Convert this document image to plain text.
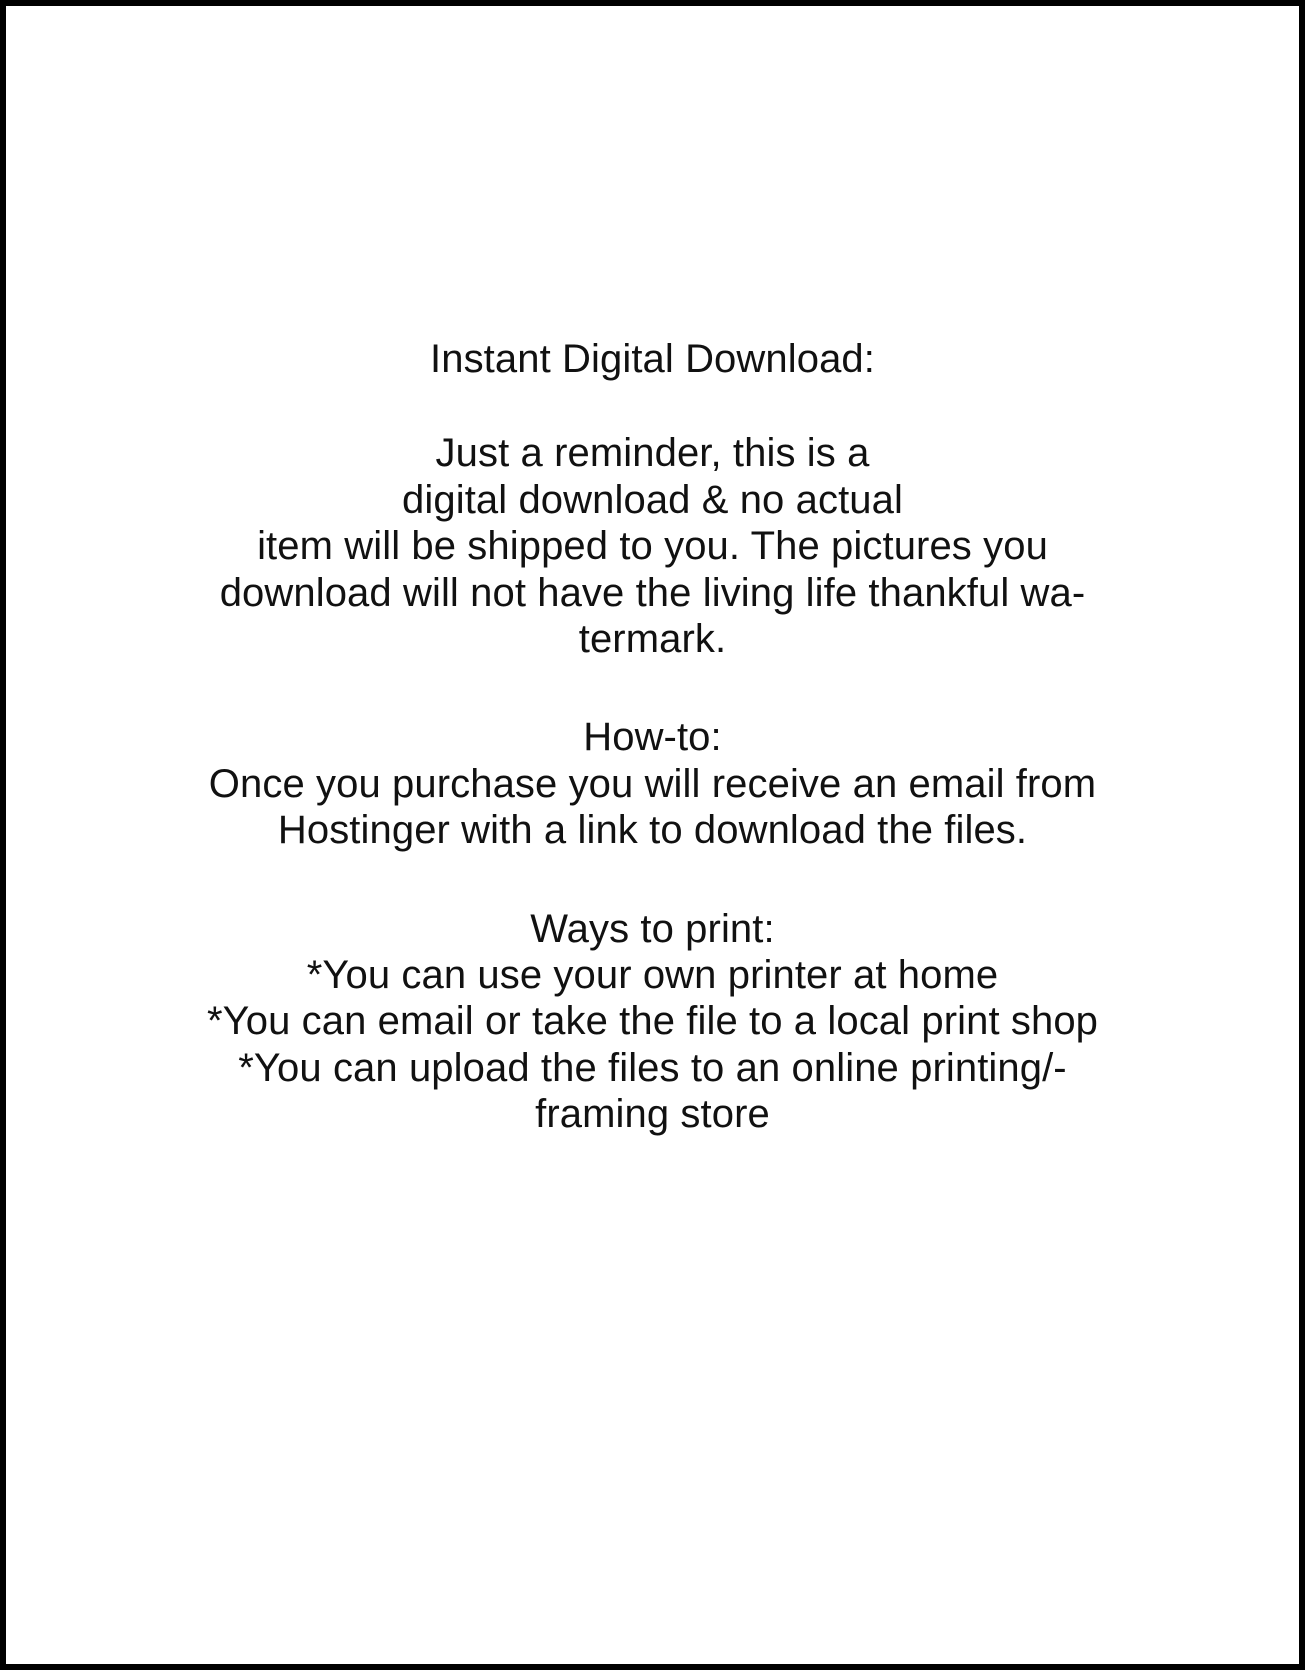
Instant Digital Download:
Just a reminder, this is a
digital download & no actual
item will be shipped to you. The pictures you
download will not have the living life thankful wa-
termark.
How-to:
Once you purchase you will receive an email from
Hostinger with a link to download the files.
Ways to print:
*You can use your own printer at home
*You can email or take the file to a local print shop
*You can upload the files to an online printing/-
framing store
